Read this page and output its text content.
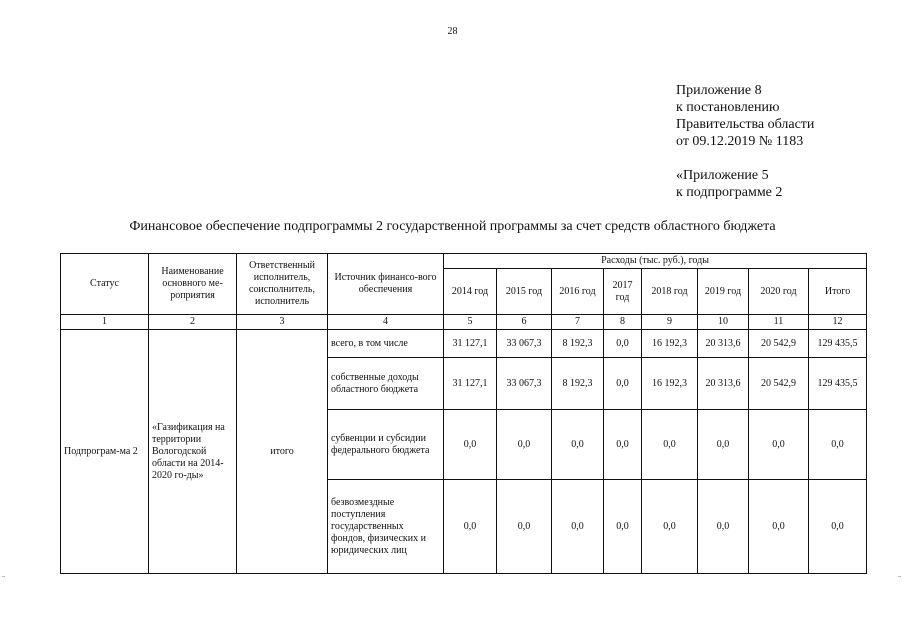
28
Приложение 8
к постановлению
Правительства области
от 09.12.2019 № 1183
«Приложение 5
к подпрограмме 2
Финансовое обеспечение подпрограммы 2 государственной программы за счет средств областного бюджета
Статус	Наименование основного ме-роприятия	Ответственный исполнитель, соисполнитель, исполнитель	Источник финансо-вого обеспечения	Расходы (тыс. руб.), годы							
				2014 год	2015 год	2016 год	2017 год	2018 год	2019 год	2020 год	Итого
1	2	3	4	5	6	7	8	9	10	11	12
Подпрограм-ма 2	«Газификация на территории Вологодской области на 2014-2020 го-ды»	итого	всего, в том числе	31 127,1	33 067,3	8 192,3	0,0	16 192,3	20 313,6	20 542,9	129 435,5
			собственные доходы областного бюджета	31 127,1	33 067,3	8 192,3	0,0	16 192,3	20 313,6	20 542,9	129 435,5
			субвенции и субсидии федерального бюджета	0,0	0,0	0,0	0,0	0,0	0,0	0,0	0,0
			безвозмездные поступления государственных фондов, физических и юридических лиц	0,0	0,0	0,0	0,0	0,0	0,0	0,0	0,0
